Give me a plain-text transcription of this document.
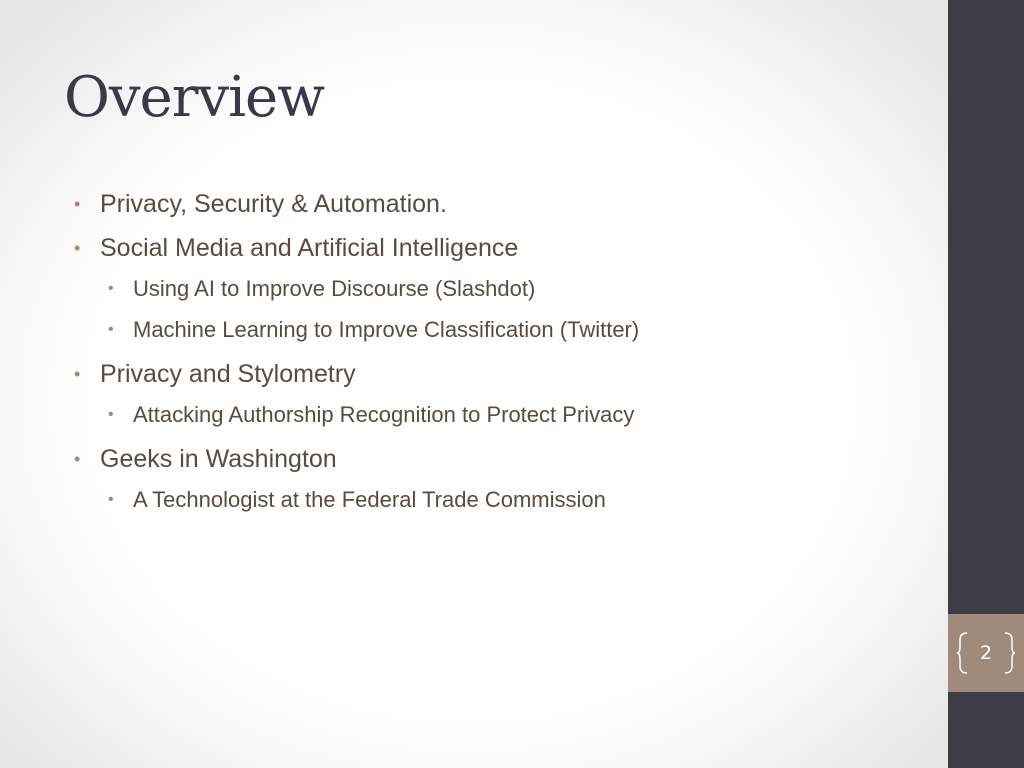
Overview
• Privacy, Security & Automation.
• Social Media and Artificial Intelligence
• Using AI to Improve Discourse (Slashdot)
• Machine Learning to Improve Classification (Twitter)
• Privacy and Stylometry
• Attacking Authorship Recognition to Protect Privacy
• Geeks in Washington
• A Technologist at the Federal Trade Commission
2
